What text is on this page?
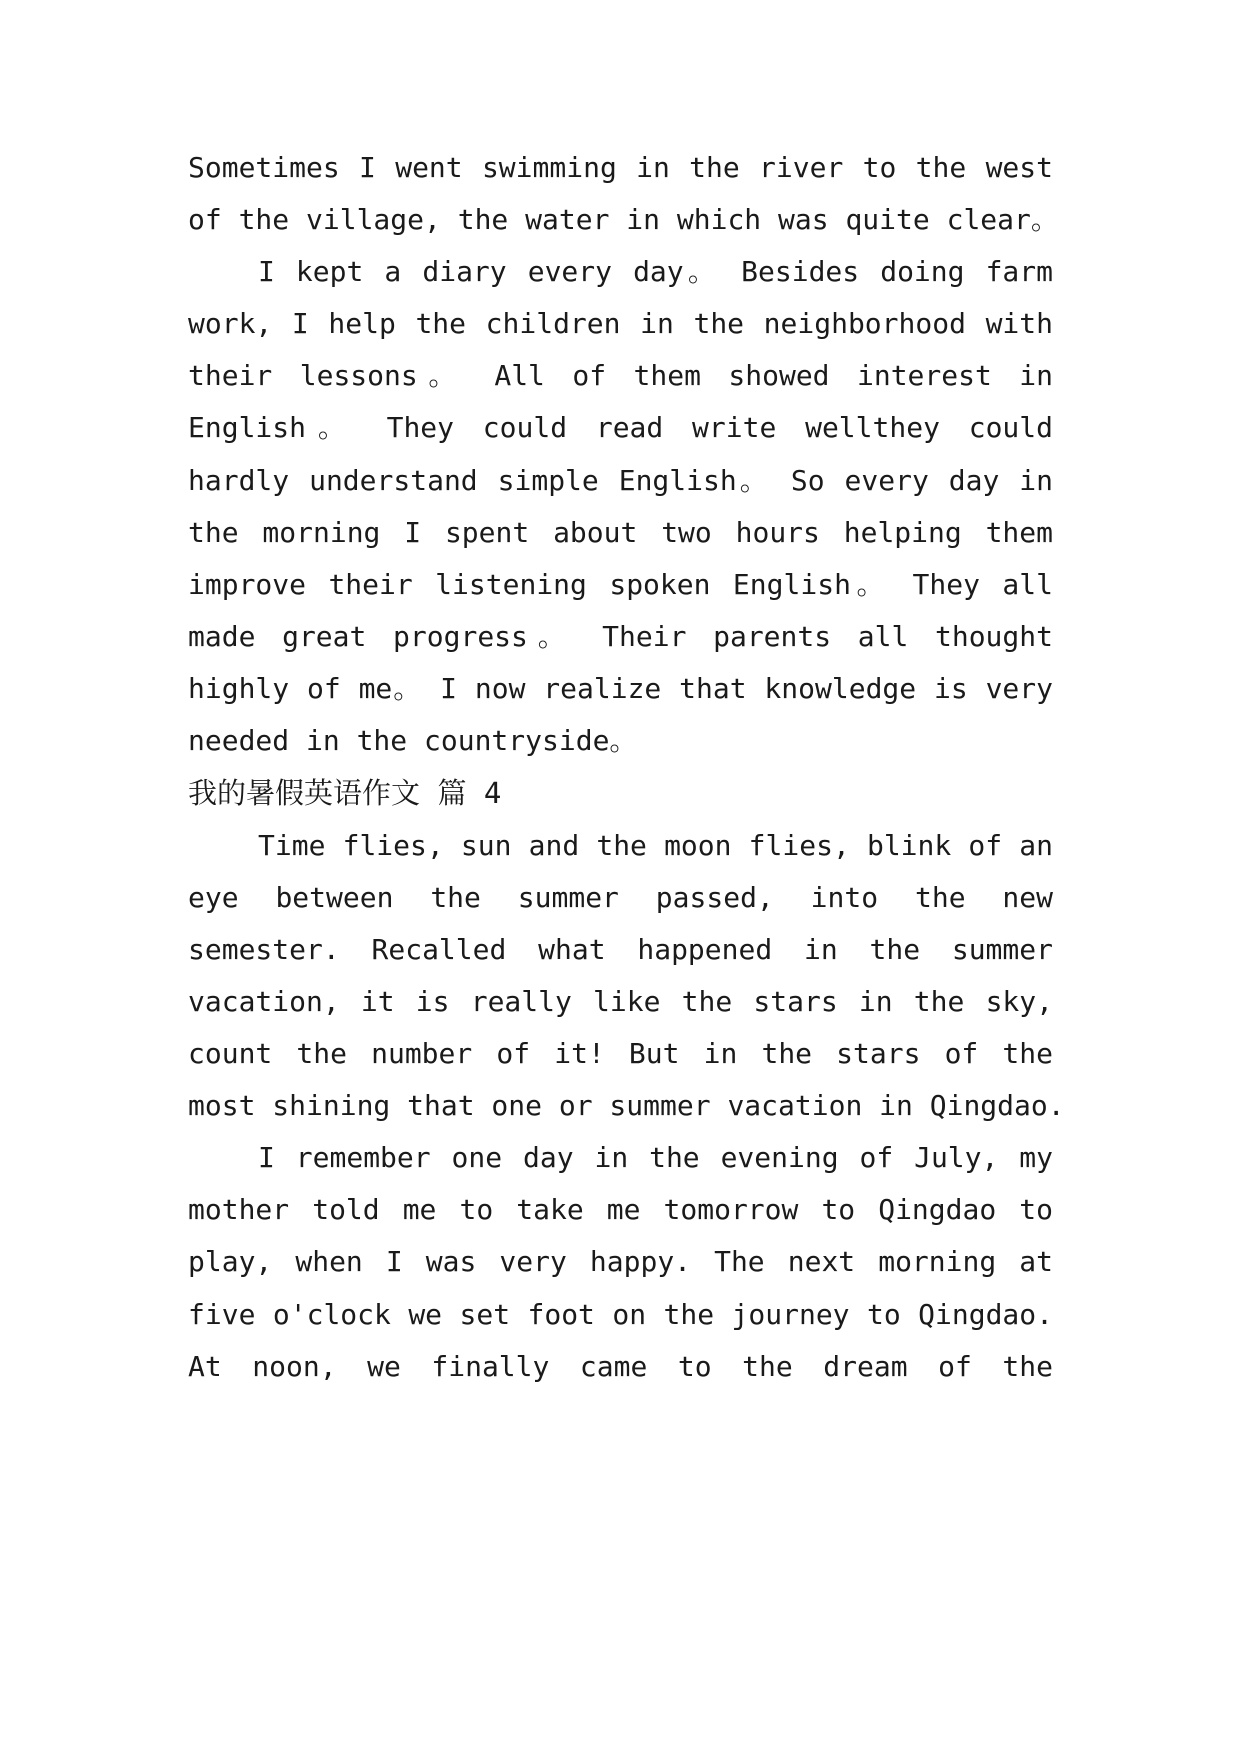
Sometimes I went swimming in the river to the west
of the village, the water in which was quite clear。
I kept a diary every day。 Besides doing farm
work, I help the children in the neighborhood with
their lessons。 All of them showed interest in
English。 They could read write wellthey could
hardly understand simple English。 So every day in
the morning I spent about two hours helping them
improve their listening spoken English。 They all
made great progress。 Their parents all thought
highly of me。 I now realize that knowledge is very
needed in the countryside。
我的暑假英语作文 篇 4
Time flies, sun and the moon flies, blink of an
eye between the summer passed, into the new
semester. Recalled what happened in the summer
vacation, it is really like the stars in the sky,
count the number of it! But in the stars of the
most shining that one or summer vacation in Qingdao.
I remember one day in the evening of July, my
mother told me to take me tomorrow to Qingdao to
play, when I was very happy. The next morning at
five o'clock we set foot on the journey to Qingdao.
At noon, we finally came to the dream of the
